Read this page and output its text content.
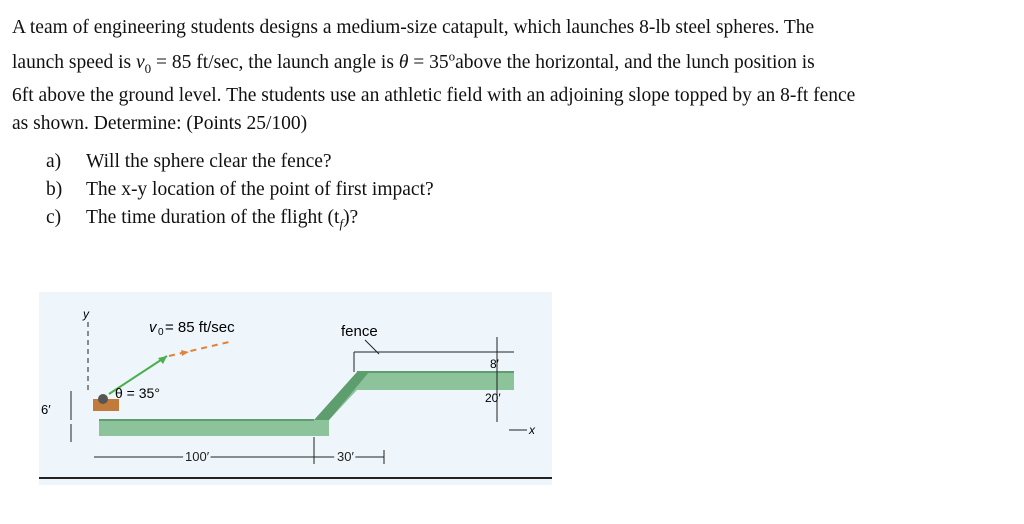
A team of engineering students designs a medium-size catapult, which launches 8-lb steel spheres. The
launch speed is $v_0 = 85$ ft/sec, the launch angle is $\theta = 35^oabove$ the horizontal, and the lunch position is
6ft above the ground level. The students use an athletic field with an adjoining slope topped by an 8-ft fence
as shown. Determine: (Points 25/100)

a)	Will the sphere clear the fence?
b)	The x-y location of the point of first impact?
c)	The time duration of the flight $(t_f)$?
y
v 0 = 85 ft/sec
θ = 35°
6′
fence
8′
20′
x
100′	30′
